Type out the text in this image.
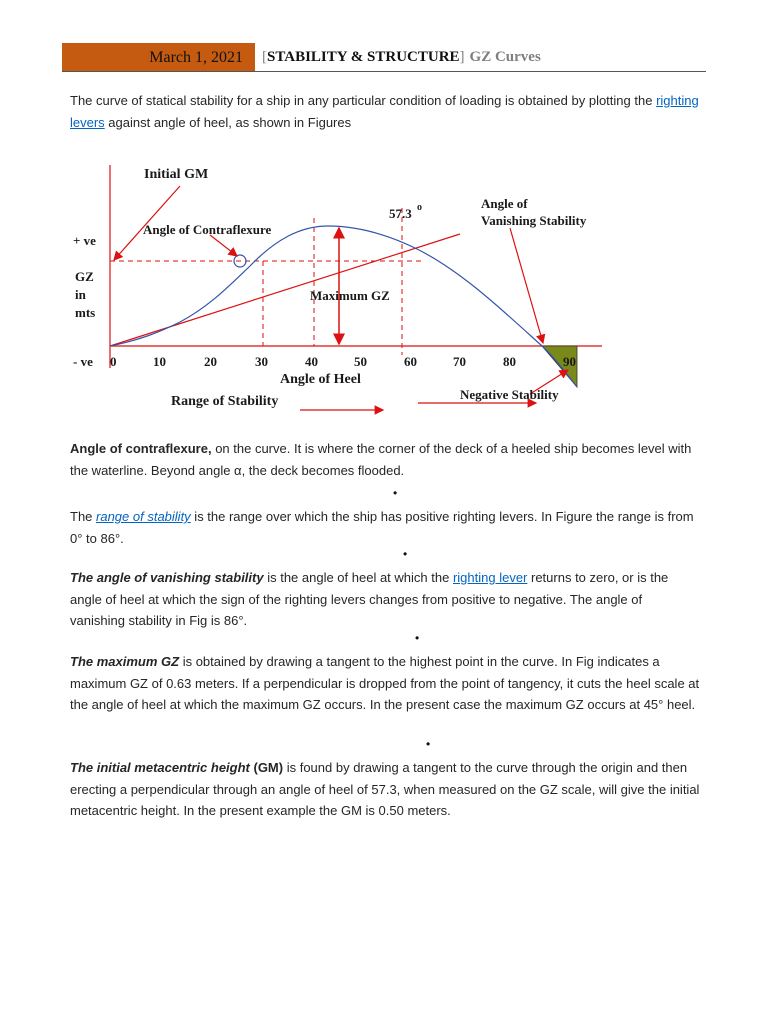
March 1, 2021	[ STABILITY & STRUCTURE ] GZ Curves
The curve of statical stability for a ship in any particular condition of loading is obtained by plotting the righting levers against angle of heel, as shown in Figures
Initial GM
Angle of Contraflexure
57.3 o	Angle of
Vanishing Stability
+ ve
GZ
in
mts
Maximum GZ
- ve 0	10	20	30	40	50	60	70	80	90
Angle of Heel
Range of Stability	Negative Stability
Angle of contraflexure, on the curve. It is where the corner of the deck of a heeled ship becomes level with the waterline. Beyond angle α, the deck becomes flooded.
•
The range of stability is the range over which the ship has positive righting levers. In Figure the range is from 0° to 86°.
•
The angle of vanishing stability is the angle of heel at which the righting lever returns to zero, or is the angle of heel at which the sign of the righting levers changes from positive to negative. The angle of vanishing stability in Fig is 86°.
•
The maximum GZ is obtained by drawing a tangent to the highest point in the curve. In Fig indicates a maximum GZ of 0.63 meters. If a perpendicular is dropped from the point of tangency, it cuts the heel scale at the angle of heel at which the maximum GZ occurs. In the present case the maximum GZ occurs at 45° heel.
•
The initial metacentric height (GM) is found by drawing a tangent to the curve through the origin and then erecting a perpendicular through an angle of heel of 57.3, when measured on the GZ scale, will give the initial metacentric height. In the present example the GM is 0.50 meters.
